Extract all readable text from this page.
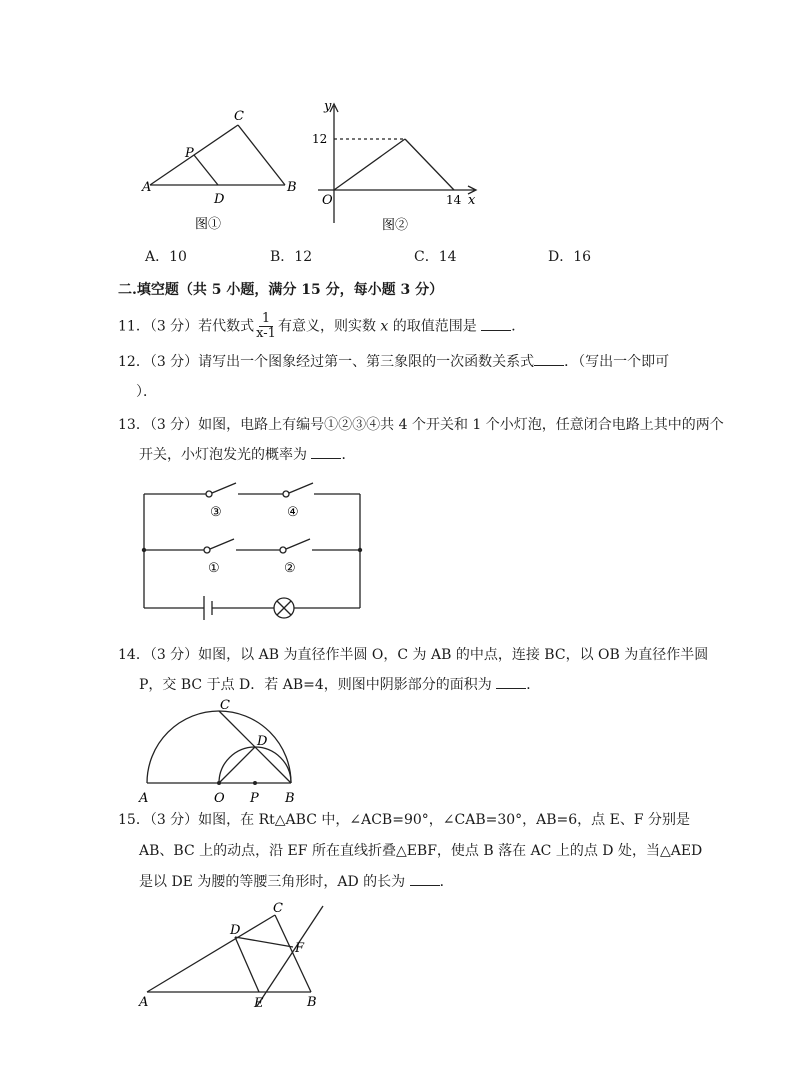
A	B
C
P
D
图①
y
x
O
12
14
图②
A．10	B．12	C．14	D．16
二.填空题（共 5 小题，满分 15 分，每小题 3 分）
11．（3 分）若代数式 $\frac{1}{x-1}$ 有意义，则实数 x 的取值范围是 ．
12．（3 分）请写出一个图象经过第一、第三象限的一次函数关系式 ．（写出一个即可
）．
13．（3 分）如图，电路上有编号①②③④共 4 个开关和 1 个小灯泡，任意闭合电路上其中的两个
开关，小灯泡发光的概率为 ．
③	④
①	②
14．（3 分）如图，以 AB 为直径作半圆 O，C 为 AB 的中点，连接 BC，以 OB 为直径作半圆
P，交 BC 于点 D．若 AB=4，则图中阴影部分的面积为 ．
A	O P B
C
D
15．（3 分）如图，在 Rt△ABC 中，∠ACB=90°，∠CAB=30°，AB=6，点 E、F 分别是
AB、BC 上的动点，沿 EF 所在直线折叠△EBF，使点 B 落在 AC 上的点 D 处，当△AED
是以 DE 为腰的等腰三角形时，AD 的长为 ．
A	B
C
D
E
F
